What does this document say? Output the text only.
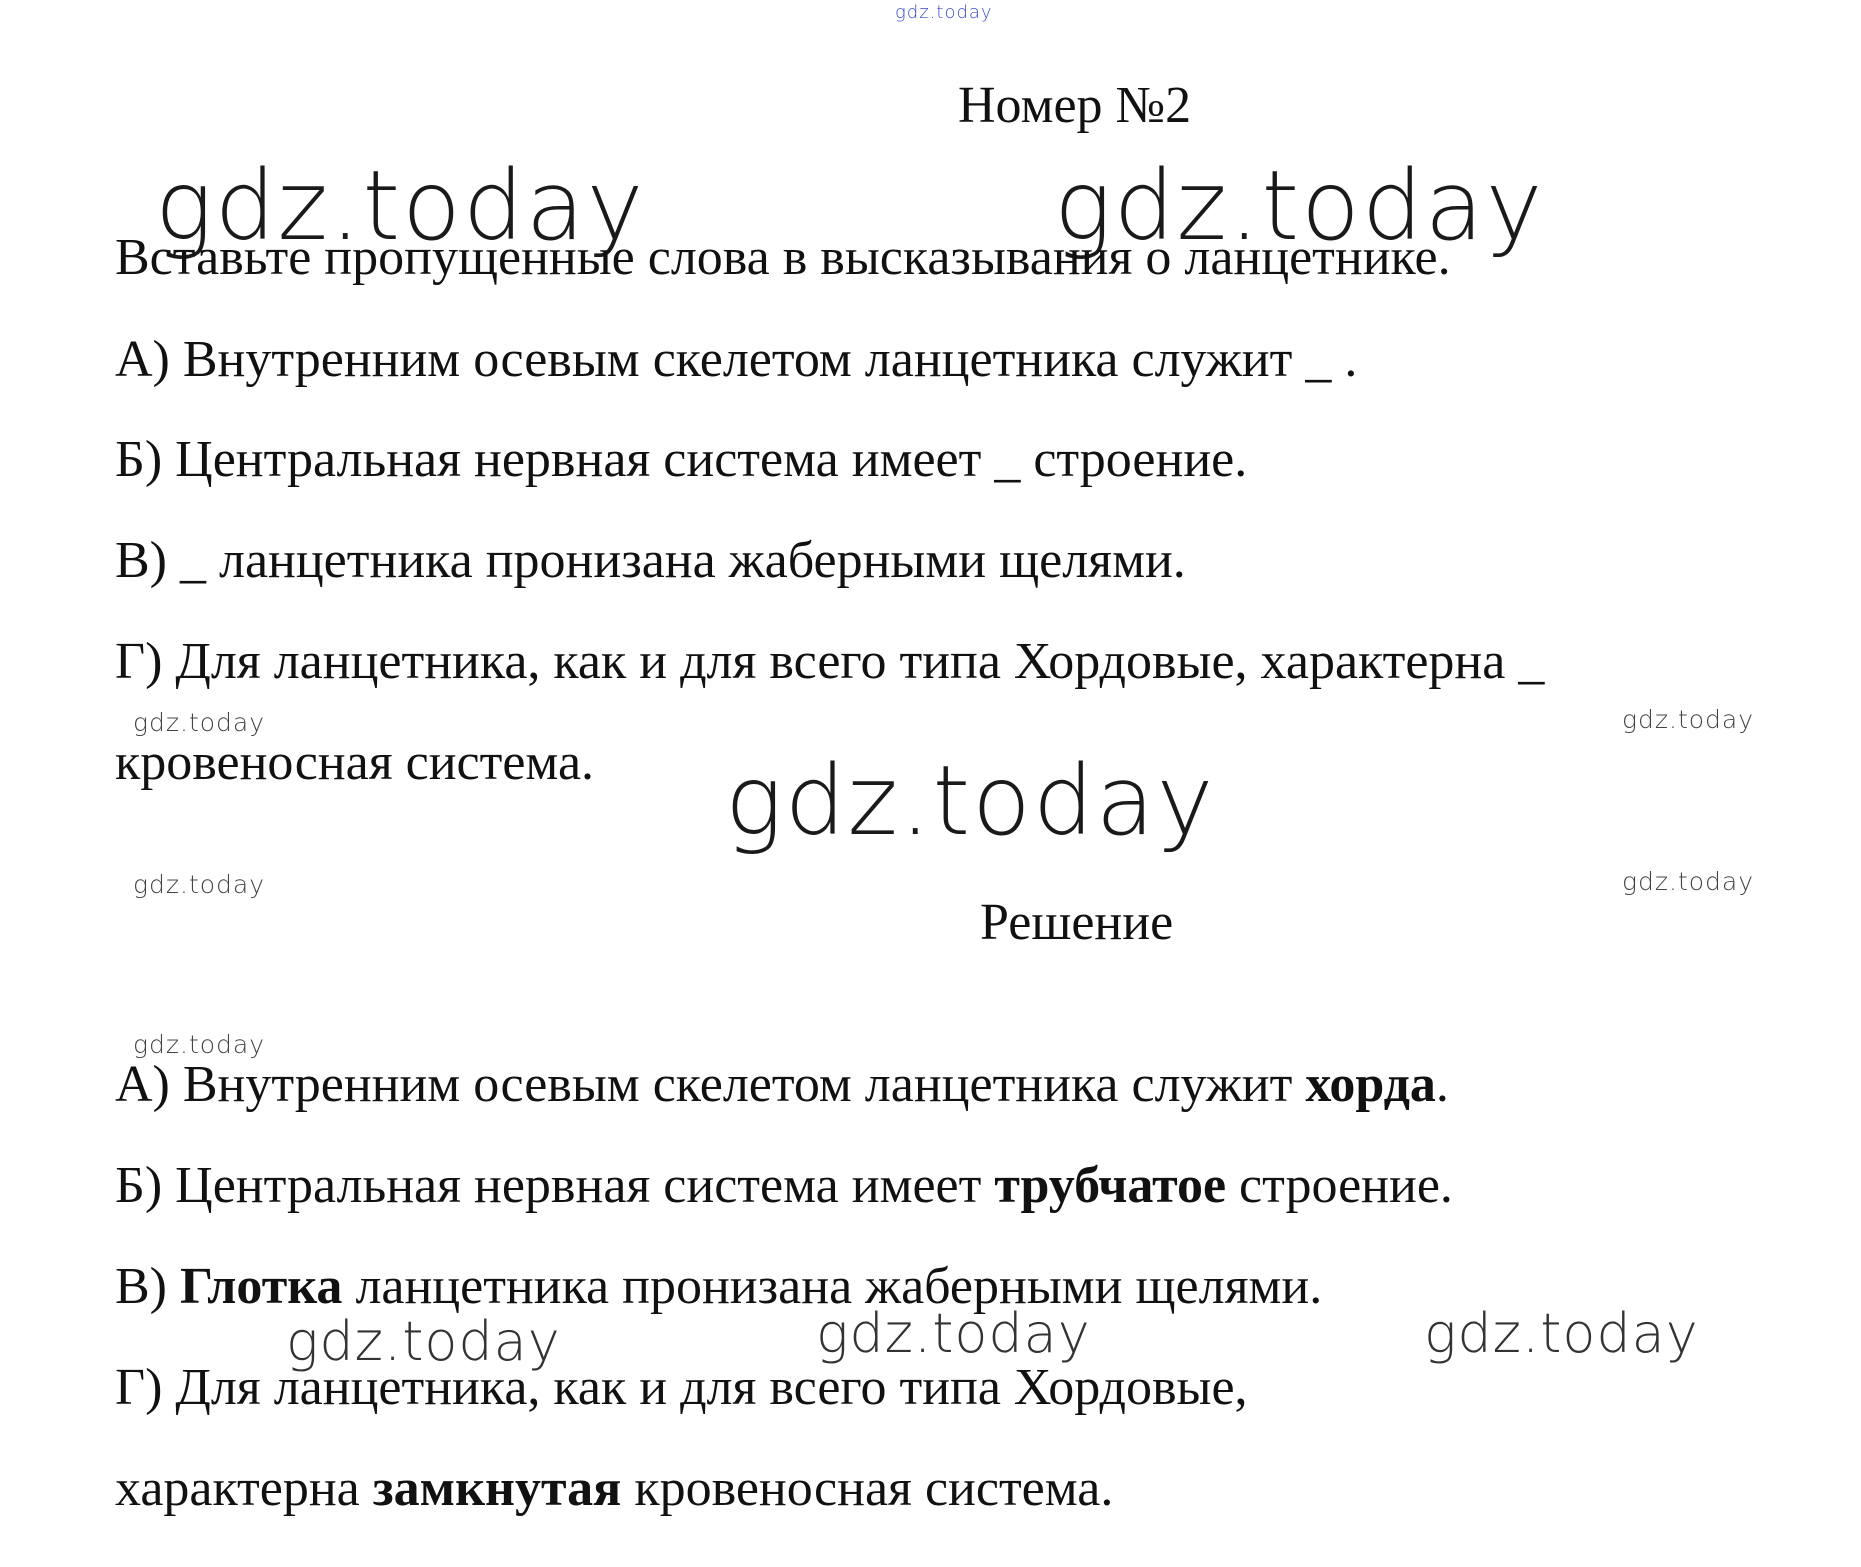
gdz.today
Номер №2
gdz.today	gdz.today
Вставьте пропущенные слова в высказывания о ланцетнике.
А) Внутренним осевым скелетом ланцетника служит _ .
Б) Центральная нервная система имеет _ строение.
В) _ ланцетника пронизана жаберными щелями.
Г) Для ланцетника, как и для всего типа Хордовые, характерна _
gdz.today	gdz.today
кровеносная система. gdz.today
gdz.today	gdz.today
Решение
gdz.today
А) Внутренним осевым скелетом ланцетника служит хорда.
Б) Центральная нервная система имеет трубчатое строение.
В) Глотка ланцетника пронизана жаберными щелями.
gdz.today	gdz.today	gdz.today
Г) Для ланцетника, как и для всего типа Хордовые,
характерна замкнутая кровеносная система.
